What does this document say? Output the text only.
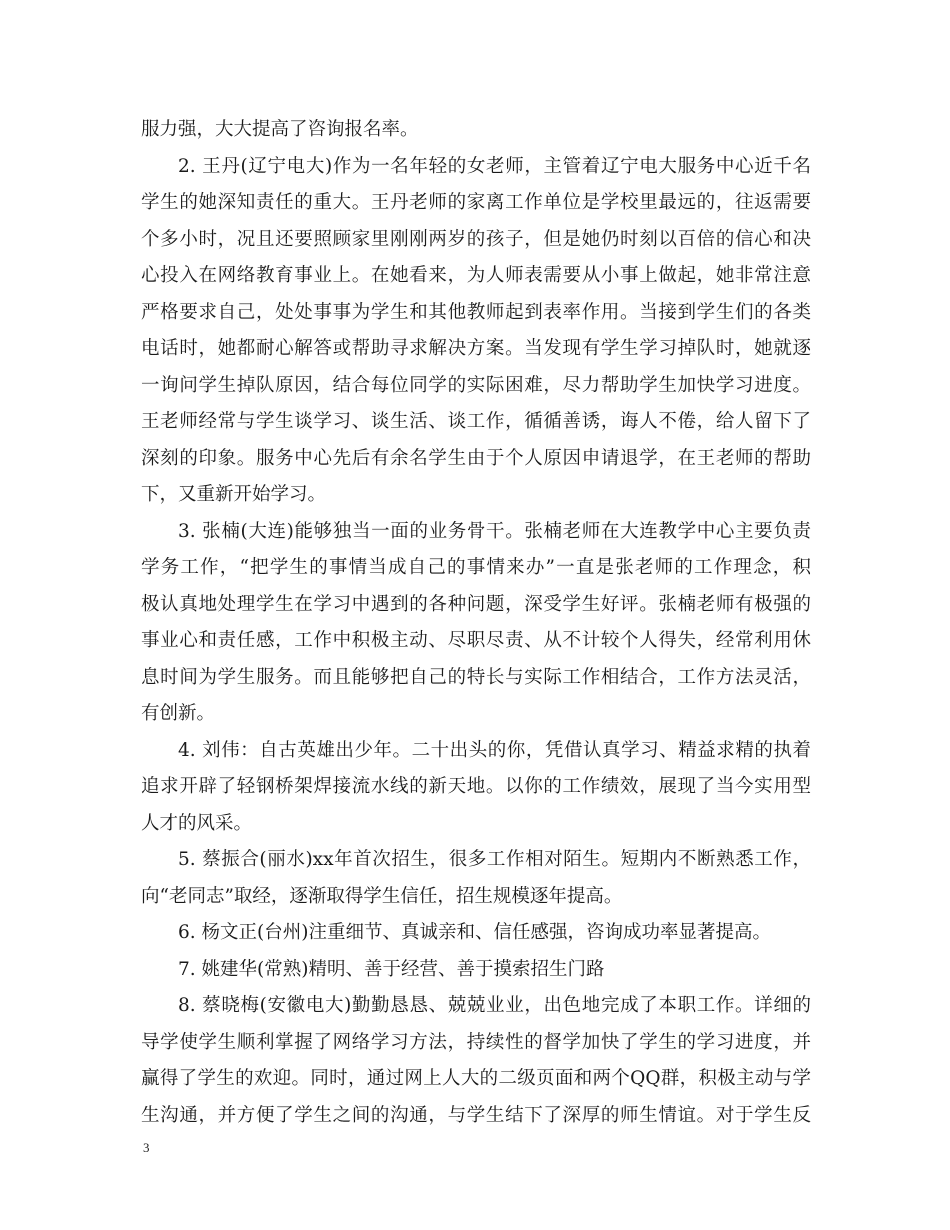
服力强，大大提高了咨询报名率。
2. 王丹(辽宁电大)作为一名年轻的女老师，主管着辽宁电大服务中心近千名
学生的她深知责任的重大。王丹老师的家离工作单位是学校里最远的，往返需要
个多小时，况且还要照顾家里刚刚两岁的孩子，但是她仍时刻以百倍的信心和决
心投入在网络教育事业上。在她看来，为人师表需要从小事上做起，她非常注意
严格要求自己，处处事事为学生和其他教师起到表率作用。当接到学生们的各类
电话时，她都耐心解答或帮助寻求解决方案。当发现有学生学习掉队时，她就逐
一询问学生掉队原因，结合每位同学的实际困难，尽力帮助学生加快学习进度。
王老师经常与学生谈学习、谈生活、谈工作，循循善诱，诲人不倦，给人留下了
深刻的印象。服务中心先后有余名学生由于个人原因申请退学，在王老师的帮助
下，又重新开始学习。
3. 张楠(大连)能够独当一面的业务骨干。张楠老师在大连教学中心主要负责
学务工作，“把学生的事情当成自己的事情来办”一直是张老师的工作理念，积
极认真地处理学生在学习中遇到的各种问题，深受学生好评。张楠老师有极强的
事业心和责任感，工作中积极主动、尽职尽责、从不计较个人得失，经常利用休
息时间为学生服务。而且能够把自己的特长与实际工作相结合，工作方法灵活，
有创新。
4. 刘伟：自古英雄出少年。二十出头的你，凭借认真学习、精益求精的执着
追求开辟了轻钢桥架焊接流水线的新天地。以你的工作绩效，展现了当今实用型
人才的风采。
5. 蔡振合(丽水)xx年首次招生，很多工作相对陌生。短期内不断熟悉工作，
向“老同志”取经，逐渐取得学生信任，招生规模逐年提高。
6. 杨文正(台州)注重细节、真诚亲和、信任感强，咨询成功率显著提高。
7. 姚建华(常熟)精明、善于经营、善于摸索招生门路
8. 蔡晓梅(安徽电大)勤勤恳恳、兢兢业业，出色地完成了本职工作。详细的
导学使学生顺利掌握了网络学习方法，持续性的督学加快了学生的学习进度，并
赢得了学生的欢迎。同时，通过网上人大的二级页面和两个QQ群，积极主动与学
生沟通，并方便了学生之间的沟通，与学生结下了深厚的师生情谊。对于学生反
3
